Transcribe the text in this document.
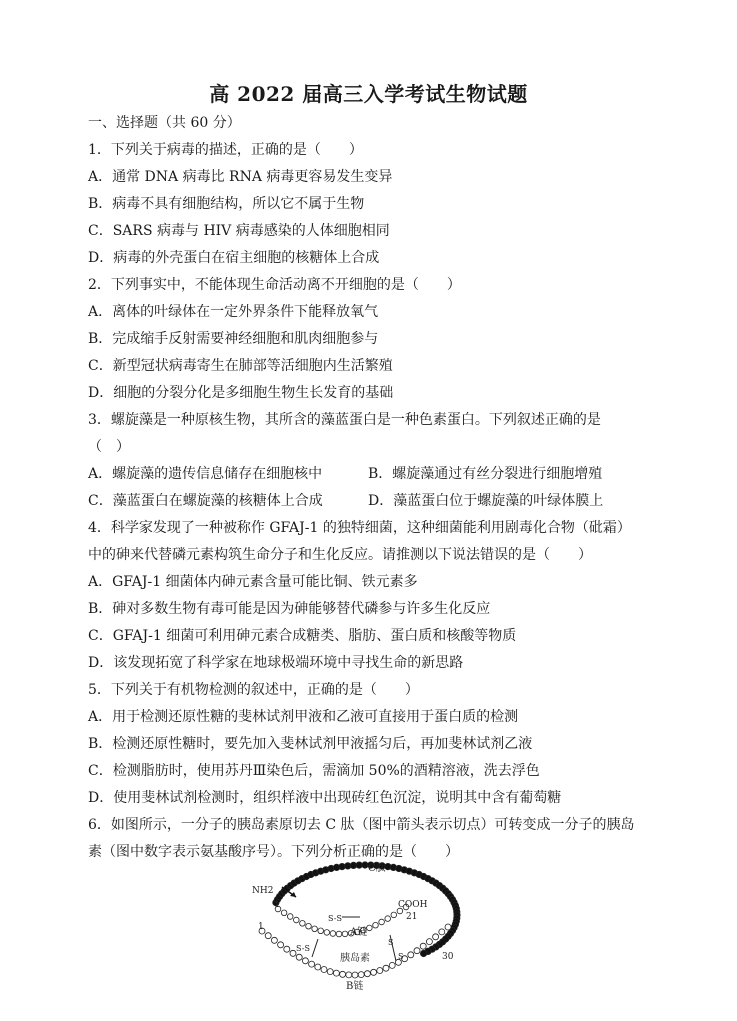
高 2022 届高三入学考试生物试题
一、选择题（共 60 分）
1．下列关于病毒的描述，正确的是（　　）
A．通常 DNA 病毒比 RNA 病毒更容易发生变异
B．病毒不具有细胞结构，所以它不属于生物
C．SARS 病毒与 HIV 病毒感染的人体细胞相同
D．病毒的外壳蛋白在宿主细胞的核糖体上合成
2．下列事实中，不能体现生命活动离不开细胞的是（　　）
A．离体的叶绿体在一定外界条件下能释放氧气
B．完成缩手反射需要神经细胞和肌肉细胞参与
C．新型冠状病毒寄生在肺部等活细胞内生活繁殖
D．细胞的分裂分化是多细胞生物生长发育的基础
3．螺旋藻是一种原核生物，其所含的藻蓝蛋白是一种色素蛋白。下列叙述正确的是
（　）
A．螺旋藻的遗传信息储存在细胞核中	B．螺旋藻通过有丝分裂进行细胞增殖
C．藻蓝蛋白在螺旋藻的核糖体上合成	D．藻蓝蛋白位于螺旋藻的叶绿体膜上
4．科学家发现了一种被称作 GFAJ-1 的独特细菌，这种细菌能利用剧毒化合物（砒霜）
中的砷来代替磷元素构筑生命分子和生化反应。请推测以下说法错误的是（　　）
A．GFAJ-1 细菌体内砷元素含量可能比铜、铁元素多
B．砷对多数生物有毒可能是因为砷能够替代磷参与许多生化反应
C．GFAJ-1 细菌可利用砷元素合成糖类、脂肪、蛋白质和核酸等物质
D．该发现拓宽了科学家在地球极端环境中寻找生命的新思路
5．下列关于有机物检测的叙述中，正确的是（　　）
A．用于检测还原性糖的斐林试剂甲液和乙液可直接用于蛋白质的检测
B．检测还原性糖时，要先加入斐林试剂甲液摇匀后，再加斐林试剂乙液
C．检测脂肪时，使用苏丹Ⅲ染色后，需滴加 50%的酒精溶液，洗去浮色
D．使用斐林试剂检测时，组织样液中出现砖红色沉淀，说明其中含有葡萄糖
6．如图所示，一分子的胰岛素原切去 C 肽（图中箭头表示切点）可转变成一分子的胰岛
素（图中数字表示氨基酸序号）。下列分析正确的是（　　）
C肽
NH2
1
1
COOH
21
A链
S-S
S-S
S
S
胰岛素	30
B链
